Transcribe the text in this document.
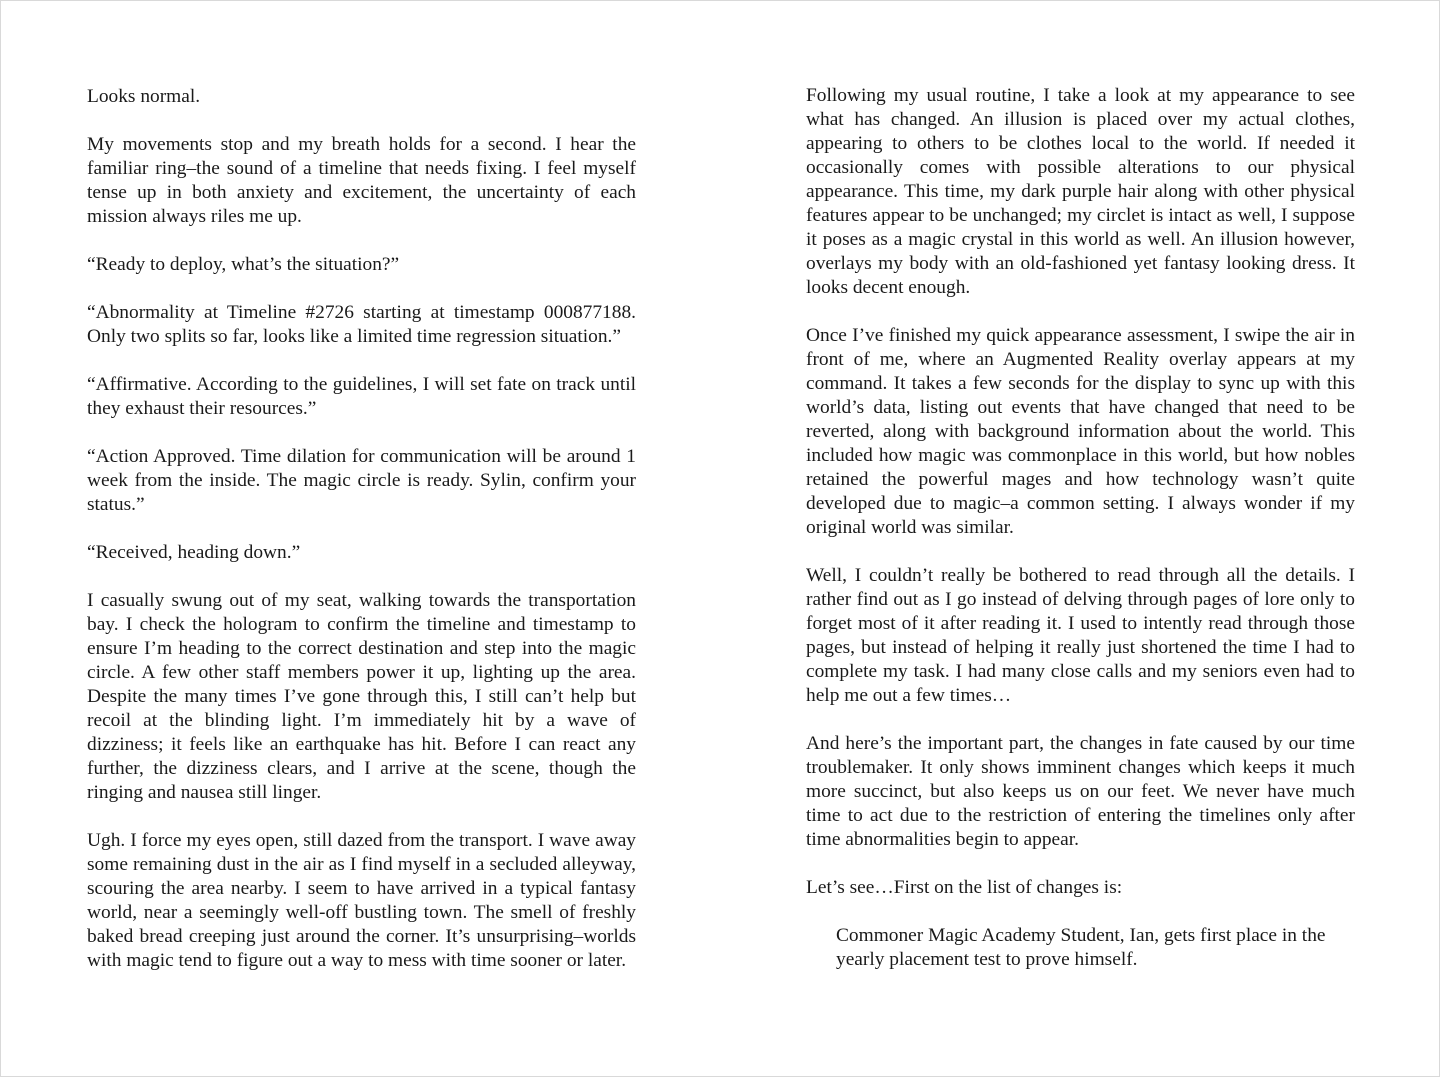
Looks normal.

My movements stop and my breath holds for a second. I hear the familiar ring–the sound of a timeline that needs fixing. I feel myself tense up in both anxiety and excitement, the uncertainty of each mission always riles me up.

“Ready to deploy, what’s the situation?”

“Abnormality at Timeline #2726 starting at timestamp 000877188. Only two splits so far, looks like a limited time regression situation.”

“Affirmative. According to the guidelines, I will set fate on track until they exhaust their resources.”

“Action Approved. Time dilation for communication will be around 1 week from the inside. The magic circle is ready. Sylin, confirm your status.”

“Received, heading down.”

I casually swung out of my seat, walking towards the transportation bay. I check the hologram to confirm the timeline and timestamp to ensure I’m heading to the correct destination and step into the magic circle. A few other staff members power it up, lighting up the area. Despite the many times I’ve gone through this, I still can’t help but recoil at the blinding light. I’m immediately hit by a wave of dizziness; it feels like an earthquake has hit. Before I can react any further, the dizziness clears, and I arrive at the scene, though the ringing and nausea still linger.

Ugh. I force my eyes open, still dazed from the transport. I wave away some remaining dust in the air as I find myself in a secluded alleyway, scouring the area nearby. I seem to have arrived in a typical fantasy world, near a seemingly well-off bustling town. The smell of freshly baked bread creeping just around the corner. It’s unsurprising–worlds with magic tend to figure out a way to mess with time sooner or later.

Following my usual routine, I take a look at my appearance to see what has changed. An illusion is placed over my actual clothes, appearing to others to be clothes local to the world. If needed it occasionally comes with possible alterations to our physical appearance. This time, my dark purple hair along with other physical features appear to be unchanged; my circlet is intact as well, I suppose it poses as a magic crystal in this world as well. An illusion however, overlays my body with an old-fashioned yet fantasy looking dress. It looks decent enough.

Once I’ve finished my quick appearance assessment, I swipe the air in front of me, where an Augmented Reality overlay appears at my command. It takes a few seconds for the display to sync up with this world’s data, listing out events that have changed that need to be reverted, along with background information about the world. This included how magic was commonplace in this world, but how nobles retained the powerful mages and how technology wasn’t quite developed due to magic–a common setting. I always wonder if my original world was similar.

Well, I couldn’t really be bothered to read through all the details. I rather find out as I go instead of delving through pages of lore only to forget most of it after reading it. I used to intently read through those pages, but instead of helping it really just shortened the time I had to complete my task. I had many close calls and my seniors even had to help me out a few times…

And here’s the important part, the changes in fate caused by our time troublemaker. It only shows imminent changes which keeps it much more succinct, but also keeps us on our feet. We never have much time to act due to the restriction of entering the timelines only after time abnormalities begin to appear.

Let’s see…First on the list of changes is:

Commoner Magic Academy Student, Ian, gets first place in the yearly placement test to prove himself.
